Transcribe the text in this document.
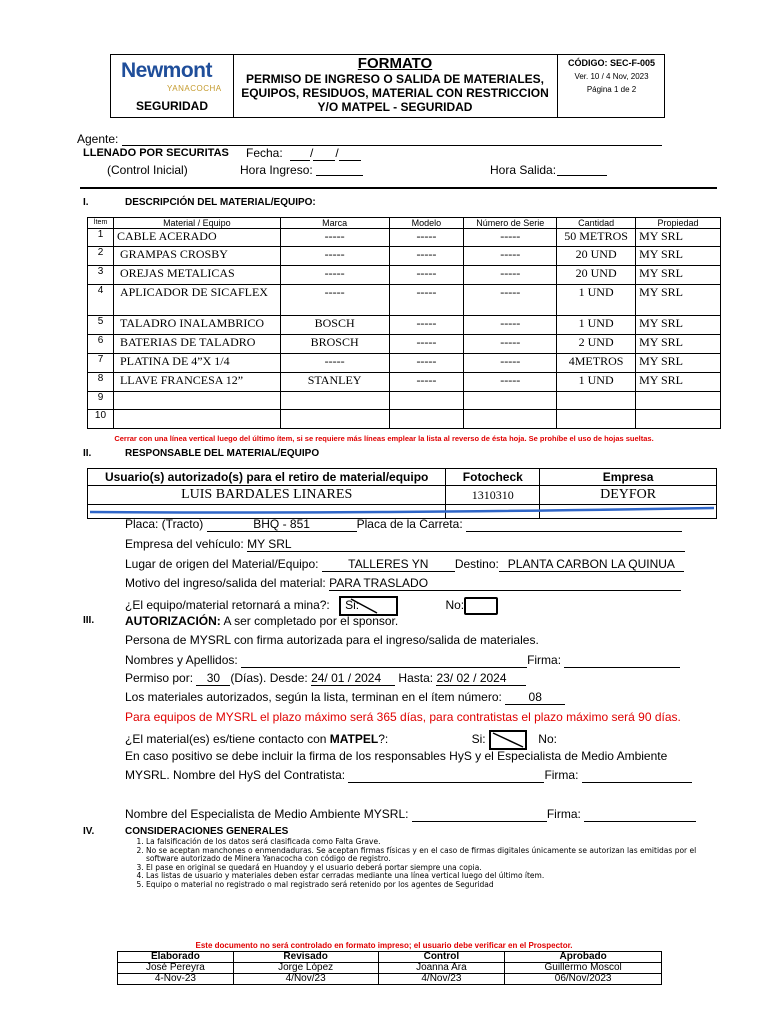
Newmont
YANACOCHA
SEGURIDAD
FORMATO
PERMISO DE INGRESO O SALIDA DE MATERIALES, EQUIPOS, RESIDUOS, MATERIAL CON RESTRICCION Y/O MATPEL - SEGURIDAD
CÓDIGO: SEC-F-005
Ver. 10 / 4 Nov, 2023
Página 1 de 2
Agente:
LLENADO POR SECURITAS Fecha:	/ /
(Control Inicial)	Hora Ingreso:	Hora Salida:
I.	DESCRIPCIÓN DEL MATERIAL/EQUIPO:
Ítem	Material / Equipo	Marca	Modelo	Número de Serie	Cantidad	Propiedad
1	CABLE ACERADO	-----	-----	-----	50 METROS	MY SRL
2	GRAMPAS CROSBY	-----	-----	-----	20 UND	MY SRL
3	OREJAS METALICAS	-----	-----	-----	20 UND	MY SRL
4	APLICADOR DE SICAFLEX	-----	-----	-----	1 UND	MY SRL
5	TALADRO INALAMBRICO	BOSCH	-----	-----	1 UND	MY SRL
6	BATERIAS DE TALADRO	BROSCH	-----	-----	2 UND	MY SRL
7	PLATINA DE 4”X 1/4	-----	-----	-----	4METROS	MY SRL
8	LLAVE FRANCESA 12”	STANLEY	-----	-----	1 UND	MY SRL
9						
10						
Cerrar con una línea vertical luego del último ítem, si se requiere más líneas emplear la lista al reverso de ésta hoja. Se prohíbe el uso de hojas sueltas.
II.	RESPONSABLE DEL MATERIAL/EQUIPO
Usuario(s) autorizado(s) para el retiro de material/equipo	Fotocheck	Empresa
LUIS BARDALES LINARES	1310310	DEYFOR

Placa: (Tracto)	BHQ - 851	Placa de la Carreta:
Empresa del vehículo: MY SRL
Lugar de origen del Material/Equipo: TALLERES YN Destino: PLANTA CARBON LA QUINUA
Motivo del ingreso/salida del material: PARA TRASLADO
¿El equipo/material retornará a mina?: Si:	No:
III.	AUTORIZACIÓN: A ser completado por el sponsor.
Persona de MYSRL con firma autorizada para el ingreso/salida de materiales.
Nombres y Apellidos:	Firma:
Permiso por: 30 (Días). Desde: 24/ 01 / 2024 Hasta: 23/ 02 / 2024
Los materiales autorizados, según la lista, terminan en el ítem número: 08
Para equipos de MYSRL el plazo máximo será 365 días, para contratistas el plazo máximo será 90 días.
¿El material(es) es/tiene contacto con MATPEL?:	Si:	No:
En caso positivo se debe incluir la firma de los responsables HyS y el Especialista de Medio Ambiente
MYSRL. Nombre del HyS del Contratista:	Firma:
Nombre del Especialista de Medio Ambiente MYSRL:	Firma:
IV.	CONSIDERACIONES GENERALES
1. La falsificación de los datos será clasificada como Falta Grave.
2. No se aceptan manchones o enmendaduras. Se aceptan firmas físicas y en el caso de firmas digitales únicamente se autorizan las emitidas por el software autorizado de Minera Yanacocha con código de registro.
3. El pase en original se quedará en Huandoy y el usuario deberá portar siempre una copia.
4. Las listas de usuario y materiales deben estar cerradas mediante una línea vertical luego del último ítem.
5. Equipo o material no registrado o mal registrado será retenido por los agentes de Seguridad
Este documento no será controlado en formato impreso; el usuario debe verificar en el Prospector.
Elaborado	Revisado	Control	Aprobado
José Pereyra	Jorge López	Joanna Ara	Guillermo Moscol
4-Nov-23	4/Nov/23	4/Nov/23	06/Nov/2023
